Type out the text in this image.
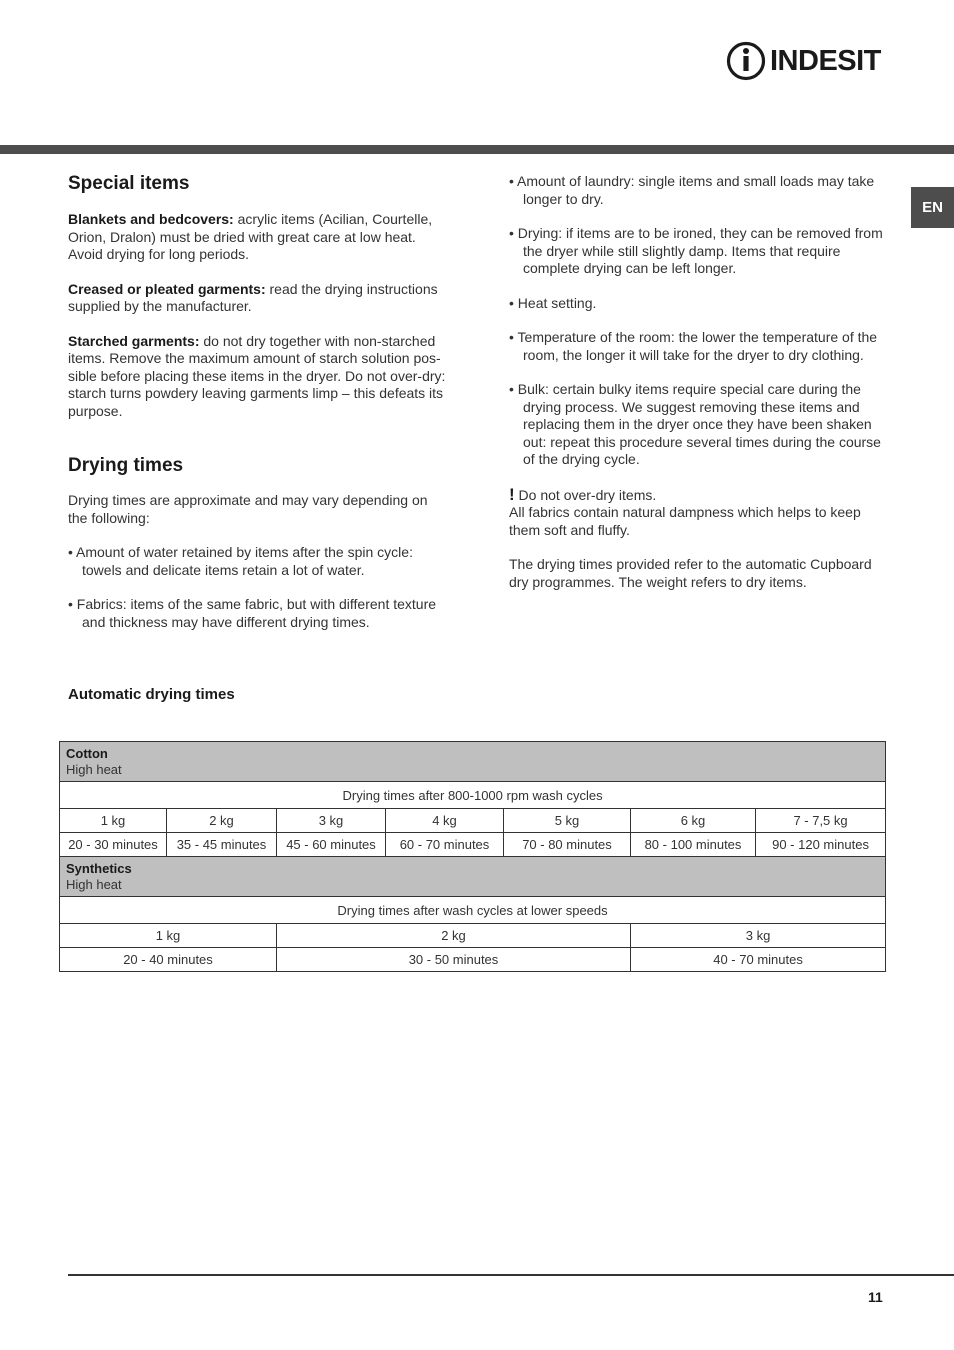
INDESIT
EN
Special items

Blankets and bedcovers: acrylic items (Acilian, Courtelle, Orion, Dralon) must be dried with great care at low heat. Avoid drying for long periods.

Creased or pleated garments: read the drying instructions supplied by the manufacturer.

Starched garments: do not dry together with non-starched items. Remove the maximum amount of starch solution pos- sible before placing these items in the dryer. Do not over-dry: starch turns powdery leaving garments limp – this defeats its purpose.

Drying times

Drying times are approximate and may vary depending on the following:

• Amount of water retained by items after the spin cycle: towels and delicate items retain a lot of water.

• Fabrics: items of the same fabric, but with different texture and thickness may have different drying times.

• Amount of laundry: single items and small loads may take longer to dry.

• Drying: if items are to be ironed, they can be removed from the dryer while still slightly damp. Items that require complete drying can be left longer.

• Heat setting.

• Temperature of the room: the lower the temperature of the room, the longer it will take for the dryer to dry clothing.

• Bulk: certain bulky items require special care during the drying process. We suggest removing these items and replacing them in the dryer once they have been shaken out: repeat this procedure several times during the course of the drying cycle.

! Do not over-dry items.

All fabrics contain natural dampness which helps to keep them soft and fluffy.

The drying times provided refer to the automatic Cupboard dry programmes. The weight refers to dry items.

Automatic drying times
Cotton
High heat						

Drying times after 800-1000 rpm wash cycles						
1 kg	2 kg	3 kg	4 kg	5 kg	6 kg	7 - 7,5 kg
20 - 30 minutes	35 - 45 minutes	45 - 60 minutes	60 - 70 minutes	70 - 80 minutes	80 - 100 minutes	90 - 120 minutes

Synthetics
High heat						

Drying times after wash cycles at lower speeds						
1 kg		2 kg			3 kg	
20 - 40 minutes		30 - 50 minutes			40 - 70 minutes	
11
